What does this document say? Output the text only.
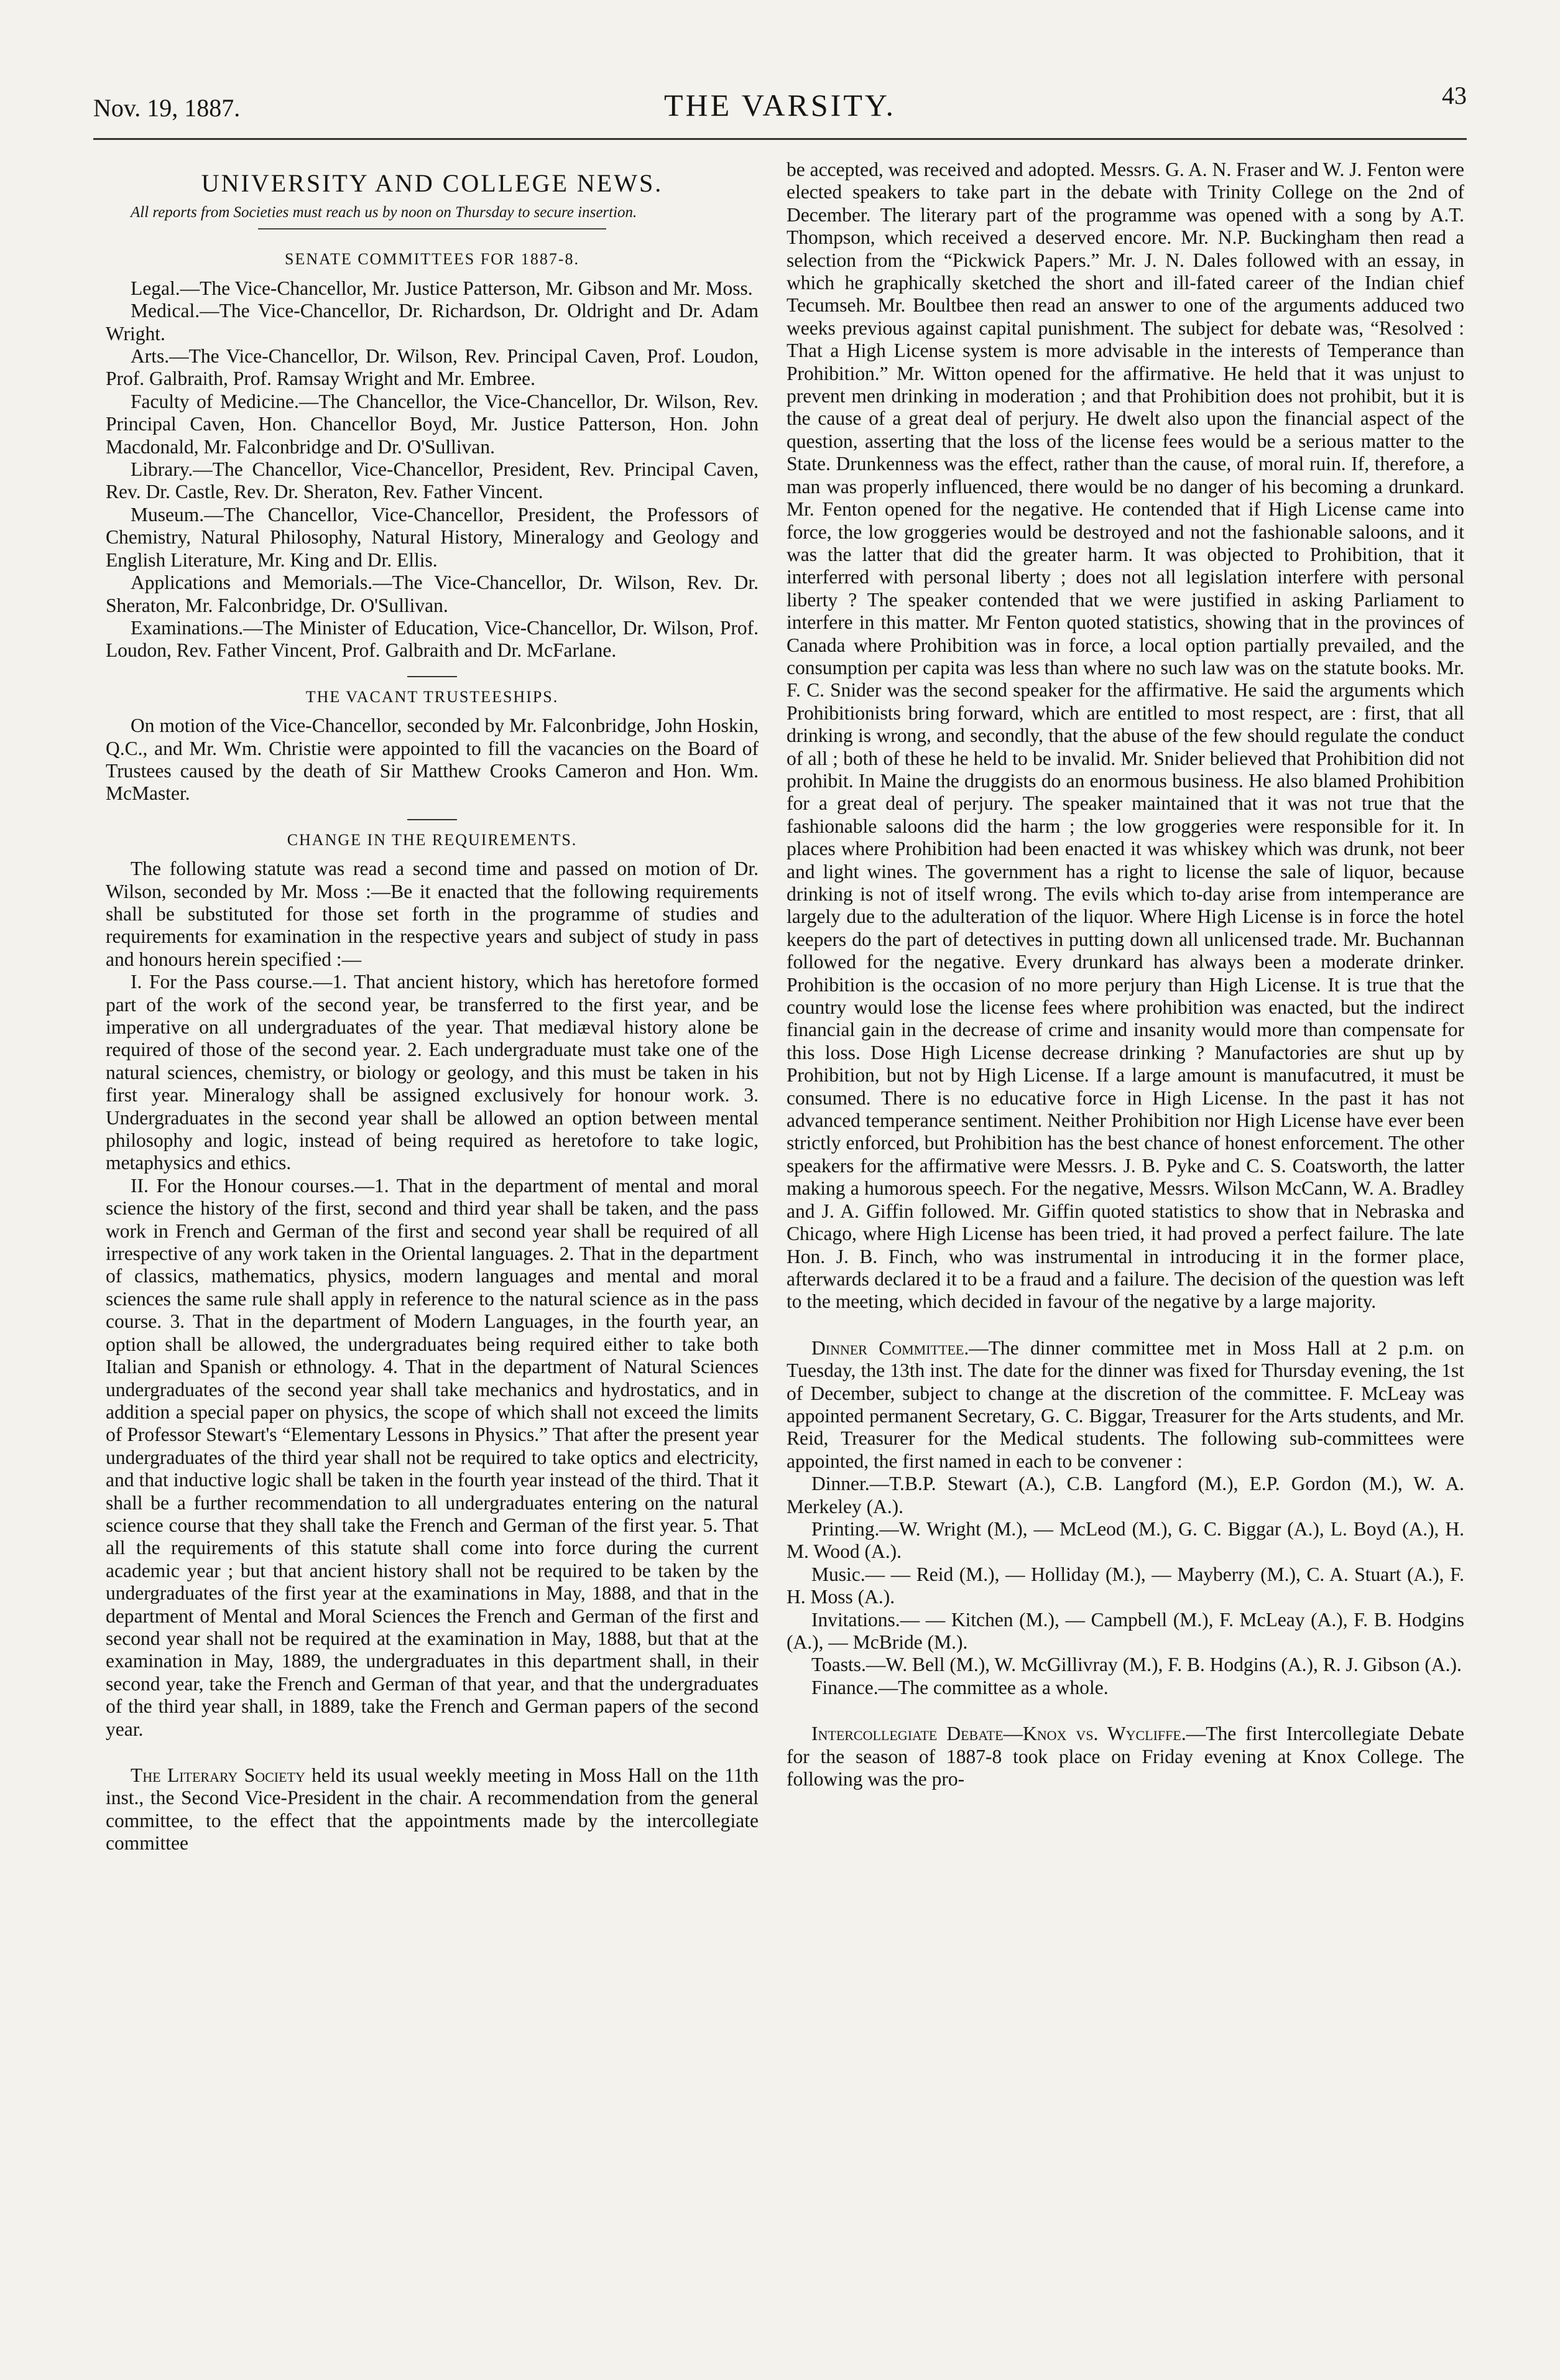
Nov. 19, 1887.	THE VARSITY.	43
UNIVERSITY AND COLLEGE NEWS.

All reports from Societies must reach us by noon on Thursday to secure insertion.

SENATE COMMITTEES FOR 1887-8.

Legal.—The Vice-Chancellor, Mr. Justice Patterson, Mr. Gibson and Mr. Moss.

Medical.—The Vice-Chancellor, Dr. Richardson, Dr. Oldright and Dr. Adam Wright.

Arts.—The Vice-Chancellor, Dr. Wilson, Rev. Principal Caven, Prof. Loudon, Prof. Galbraith, Prof. Ramsay Wright and Mr. Embree.

Faculty of Medicine.—The Chancellor, the Vice-Chancellor, Dr. Wilson, Rev. Principal Caven, Hon. Chancellor Boyd, Mr. Justice Patterson, Hon. John Macdonald, Mr. Falconbridge and Dr. O'Sullivan.

Library.—The Chancellor, Vice-Chancellor, President, Rev. Principal Caven, Rev. Dr. Castle, Rev. Dr. Sheraton, Rev. Father Vincent.

Museum.—The Chancellor, Vice-Chancellor, President, the Professors of Chemistry, Natural Philosophy, Natural History, Mineralogy and Geology and English Literature, Mr. King and Dr. Ellis.

Applications and Memorials.—The Vice-Chancellor, Dr. Wilson, Rev. Dr. Sheraton, Mr. Falconbridge, Dr. O'Sullivan.

Examinations.—The Minister of Education, Vice-Chancellor, Dr. Wilson, Prof. Loudon, Rev. Father Vincent, Prof. Galbraith and Dr. McFarlane.

THE VACANT TRUSTEESHIPS.

On motion of the Vice-Chancellor, seconded by Mr. Falconbridge, John Hoskin, Q.C., and Mr. Wm. Christie were appointed to fill the vacancies on the Board of Trustees caused by the death of Sir Matthew Crooks Cameron and Hon. Wm. McMaster.

CHANGE IN THE REQUIREMENTS.

The following statute was read a second time and passed on motion of Dr. Wilson, seconded by Mr. Moss :—Be it enacted that the following requirements shall be substituted for those set forth in the programme of studies and requirements for examination in the respective years and subject of study in pass and honours herein specified :—

I. For the Pass course.—1. That ancient history, which has heretofore formed part of the work of the second year, be transferred to the first year, and be imperative on all undergraduates of the year. That mediæval history alone be required of those of the second year. 2. Each undergraduate must take one of the natural sciences, chemistry, or biology or geology, and this must be taken in his first year. Mineralogy shall be assigned exclusively for honour work. 3. Undergraduates in the second year shall be allowed an option between mental philosophy and logic, instead of being required as heretofore to take logic, metaphysics and ethics.

II. For the Honour courses.—1. That in the department of mental and moral science the history of the first, second and third year shall be taken, and the pass work in French and German of the first and second year shall be required of all irrespective of any work taken in the Oriental languages. 2. That in the department of classics, mathematics, physics, modern languages and mental and moral sciences the same rule shall apply in reference to the natural science as in the pass course. 3. That in the department of Modern Languages, in the fourth year, an option shall be allowed, the undergraduates being required either to take both Italian and Spanish or ethnology. 4. That in the department of Natural Sciences undergraduates of the second year shall take mechanics and hydrostatics, and in addition a special paper on physics, the scope of which shall not exceed the limits of Professor Stewart's “Elementary Lessons in Physics.” That after the present year undergraduates of the third year shall not be required to take optics and electricity, and that inductive logic shall be taken in the fourth year instead of the third. That it shall be a further recommendation to all undergraduates entering on the natural science course that they shall take the French and German of the first year. 5. That all the requirements of this statute shall come into force during the current academic year ; but that ancient history shall not be required to be taken by the undergraduates of the first year at the examinations in May, 1888, and that in the department of Mental and Moral Sciences the French and German of the first and second year shall not be required at the examination in May, 1888, but that at the examination in May, 1889, the undergraduates in this department shall, in their second year, take the French and German of that year, and that the undergraduates of the third year shall, in 1889, take the French and German papers of the second year.

The Literary Society held its usual weekly meeting in Moss Hall on the 11th inst., the Second Vice-President in the chair. A recommendation from the general committee, to the effect that the appointments made by the intercollegiate committee

be accepted, was received and adopted. Messrs. G. A. N. Fraser and W. J. Fenton were elected speakers to take part in the debate with Trinity College on the 2nd of December. The literary part of the programme was opened with a song by A.T. Thompson, which received a deserved encore. Mr. N.P. Buckingham then read a selection from the “Pickwick Papers.” Mr. J. N. Dales followed with an essay, in which he graphically sketched the short and ill-fated career of the Indian chief Tecumseh. Mr. Boultbee then read an answer to one of the arguments adduced two weeks previous against capital punishment. The subject for debate was, “Resolved : That a High License system is more advisable in the interests of Temperance than Prohibition.” Mr. Witton opened for the affirmative. He held that it was unjust to prevent men drinking in moderation ; and that Prohibition does not prohibit, but it is the cause of a great deal of perjury. He dwelt also upon the financial aspect of the question, asserting that the loss of the license fees would be a serious matter to the State. Drunkenness was the effect, rather than the cause, of moral ruin. If, therefore, a man was properly influenced, there would be no danger of his becoming a drunkard. Mr. Fenton opened for the negative. He contended that if High License came into force, the low groggeries would be destroyed and not the fashionable saloons, and it was the latter that did the greater harm. It was objected to Prohibition, that it interferred with personal liberty ; does not all legislation interfere with personal liberty ? The speaker contended that we were justified in asking Parliament to interfere in this matter. Mr Fenton quoted statistics, showing that in the provinces of Canada where Prohibition was in force, a local option partially prevailed, and the consumption per capita was less than where no such law was on the statute books. Mr. F. C. Snider was the second speaker for the affirmative. He said the arguments which Prohibitionists bring forward, which are entitled to most respect, are : first, that all drinking is wrong, and secondly, that the abuse of the few should regulate the conduct of all ; both of these he held to be invalid. Mr. Snider believed that Prohibition did not prohibit. In Maine the druggists do an enormous business. He also blamed Prohibition for a great deal of perjury. The speaker maintained that it was not true that the fashionable saloons did the harm ; the low groggeries were responsible for it. In places where Prohibition had been enacted it was whiskey which was drunk, not beer and light wines. The government has a right to license the sale of liquor, because drinking is not of itself wrong. The evils which to-day arise from intemperance are largely due to the adulteration of the liquor. Where High License is in force the hotel keepers do the part of detectives in putting down all unlicensed trade. Mr. Buchannan followed for the negative. Every drunkard has always been a moderate drinker. Prohibition is the occasion of no more perjury than High License. It is true that the country would lose the license fees where prohibition was enacted, but the indirect financial gain in the decrease of crime and insanity would more than compensate for this loss. Dose High License decrease drinking ? Manufactories are shut up by Prohibition, but not by High License. If a large amount is manufacutred, it must be consumed. There is no educative force in High License. In the past it has not advanced temperance sentiment. Neither Prohibition nor High License have ever been strictly enforced, but Prohibition has the best chance of honest enforcement. The other speakers for the affirmative were Messrs. J. B. Pyke and C. S. Coatsworth, the latter making a humorous speech. For the negative, Messrs. Wilson McCann, W. A. Bradley and J. A. Giffin followed. Mr. Giffin quoted statistics to show that in Nebraska and Chicago, where High License has been tried, it had proved a perfect failure. The late Hon. J. B. Finch, who was instrumental in introducing it in the former place, afterwards declared it to be a fraud and a failure. The decision of the question was left to the meeting, which decided in favour of the negative by a large majority.

Dinner Committee.—The dinner committee met in Moss Hall at 2 p.m. on Tuesday, the 13th inst. The date for the dinner was fixed for Thursday evening, the 1st of December, subject to change at the discretion of the committee. F. McLeay was appointed permanent Secretary, G. C. Biggar, Treasurer for the Arts students, and Mr. Reid, Treasurer for the Medical students. The following sub-committees were appointed, the first named in each to be convener :

Dinner.—T.B.P. Stewart (A.), C.B. Langford (M.), E.P. Gordon (M.), W. A. Merkeley (A.).

Printing.—W. Wright (M.), — McLeod (M.), G. C. Biggar (A.), L. Boyd (A.), H. M. Wood (A.).

Music.— — Reid (M.), — Holliday (M.), — Mayberry (M.), C. A. Stuart (A.), F. H. Moss (A.).

Invitations.— — Kitchen (M.), — Campbell (M.), F. McLeay (A.), F. B. Hodgins (A.), — McBride (M.).

Toasts.—W. Bell (M.), W. McGillivray (M.), F. B. Hodgins (A.), R. J. Gibson (A.).

Finance.—The committee as a whole.

Intercollegiate Debate—Knox vs. Wycliffe.—The first Intercollegiate Debate for the season of 1887-8 took place on Friday evening at Knox College. The following was the pro-
